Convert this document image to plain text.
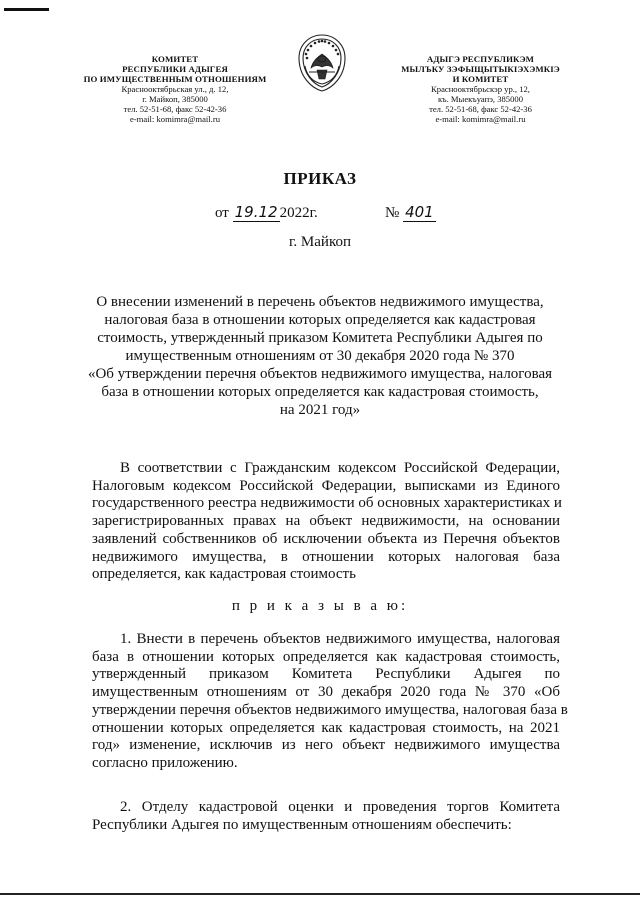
КОМИТЕТ
РЕСПУБЛИКИ АДЫГЕЯ
ПО ИМУЩЕСТВЕННЫМ ОТНОШЕНИЯМ
Краснооктябрьская ул., д. 12,
г. Майкоп, 385000
тел. 52-51-68, факс 52-42-36
e-mail: komimra@mail.ru
АДЫГЭ РЕСПУБЛИКЭМ
МЫЛЪКУ ЗЭФЫЩЫТЫКІЭХЭМКІЭ
И КОМИТЕТ
Краснооктябрьскэр ур., 12,
къ. Мыекъуапэ, 385000
тел. 52-51-68, факс 52-42-36
e-mail: komimra@mail.ru
ПРИКАЗ
от 19.12 2022г.	№ 401
г. Майкоп
О внесении изменений в перечень объектов недвижимого имущества,
налоговая база в отношении которых определяется как кадастровая
стоимость, утвержденный приказом Комитета Республики Адыгея по
имущественным отношениям от 30 декабря 2020 года № 370
«Об утверждении перечня объектов недвижимого имущества, налоговая
база в отношении которых определяется как кадастровая стоимость,
на 2021 год»
В соответствии с Гражданским кодексом Российской Федерации,
Налоговым кодексом Российской Федерации, выписками из Единого
государственного реестра недвижимости об основных характеристиках и
зарегистрированных правах на объект недвижимости, на основании
заявлений собственников об исключении объекта из Перечня объектов
недвижимого имущества, в отношении которых налоговая база
определяется, как кадастровая стоимость
п р и к а з ы в а ю:
1. Внести в перечень объектов недвижимого имущества, налоговая
база в отношении которых определяется как кадастровая стоимость,
утвержденный приказом Комитета Республики Адыгея по
имущественным отношениям от 30 декабря 2020 года № 370 «Об
утверждении перечня объектов недвижимого имущества, налоговая база в
отношении которых определяется как кадастровая стоимость, на 2021
год» изменение, исключив из него объект недвижимого имущества
согласно приложению.
2. Отделу кадастровой оценки и проведения торгов Комитета
Республики Адыгея по имущественным отношениям обеспечить:
